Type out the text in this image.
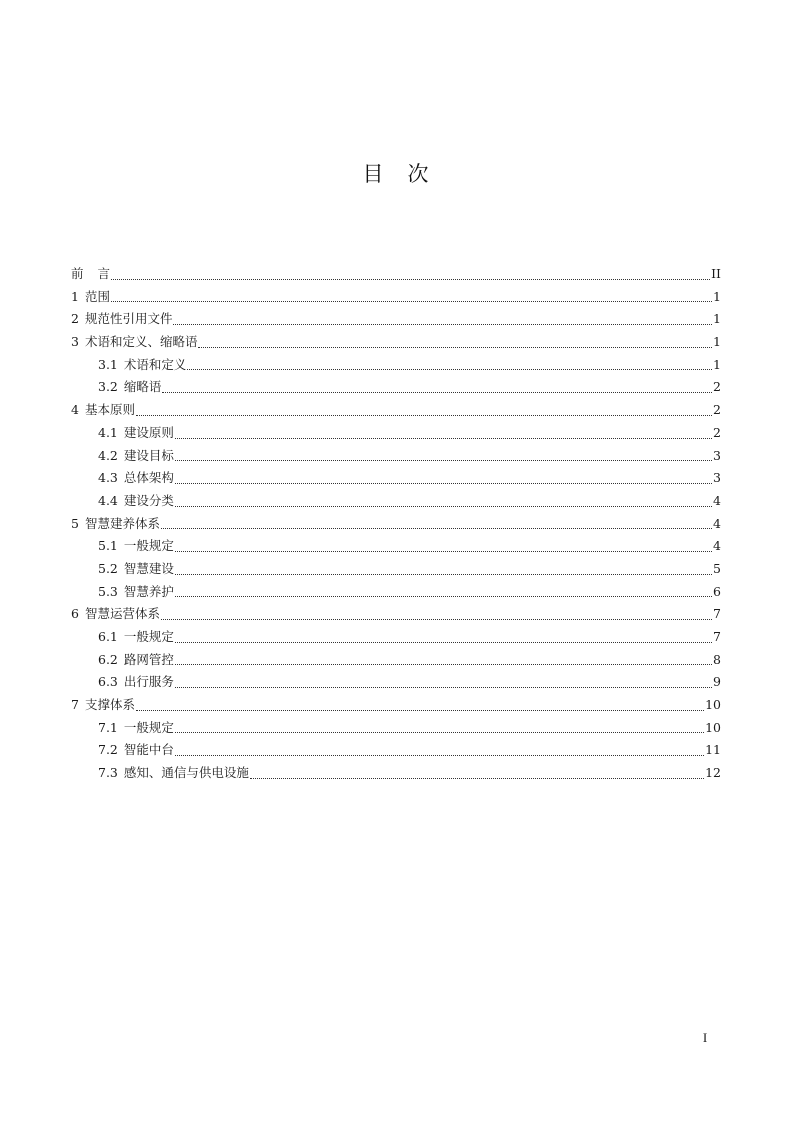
目 次
前 言	II
1 范围	1
2 规范性引用文件	1
3 术语和定义、缩略语	1
3.1 术语和定义	1
3.2 缩略语	2
4 基本原则	2
4.1 建设原则	2
4.2 建设目标	3
4.3 总体架构	3
4.4 建设分类	4
5 智慧建养体系	4
5.1 一般规定	4
5.2 智慧建设	5
5.3 智慧养护	6
6 智慧运营体系	7
6.1 一般规定	7
6.2 路网管控	8
6.3 出行服务	9
7 支撑体系	10
7.1 一般规定	10
7.2 智能中台	11
7.3 感知、通信与供电设施	12
I
